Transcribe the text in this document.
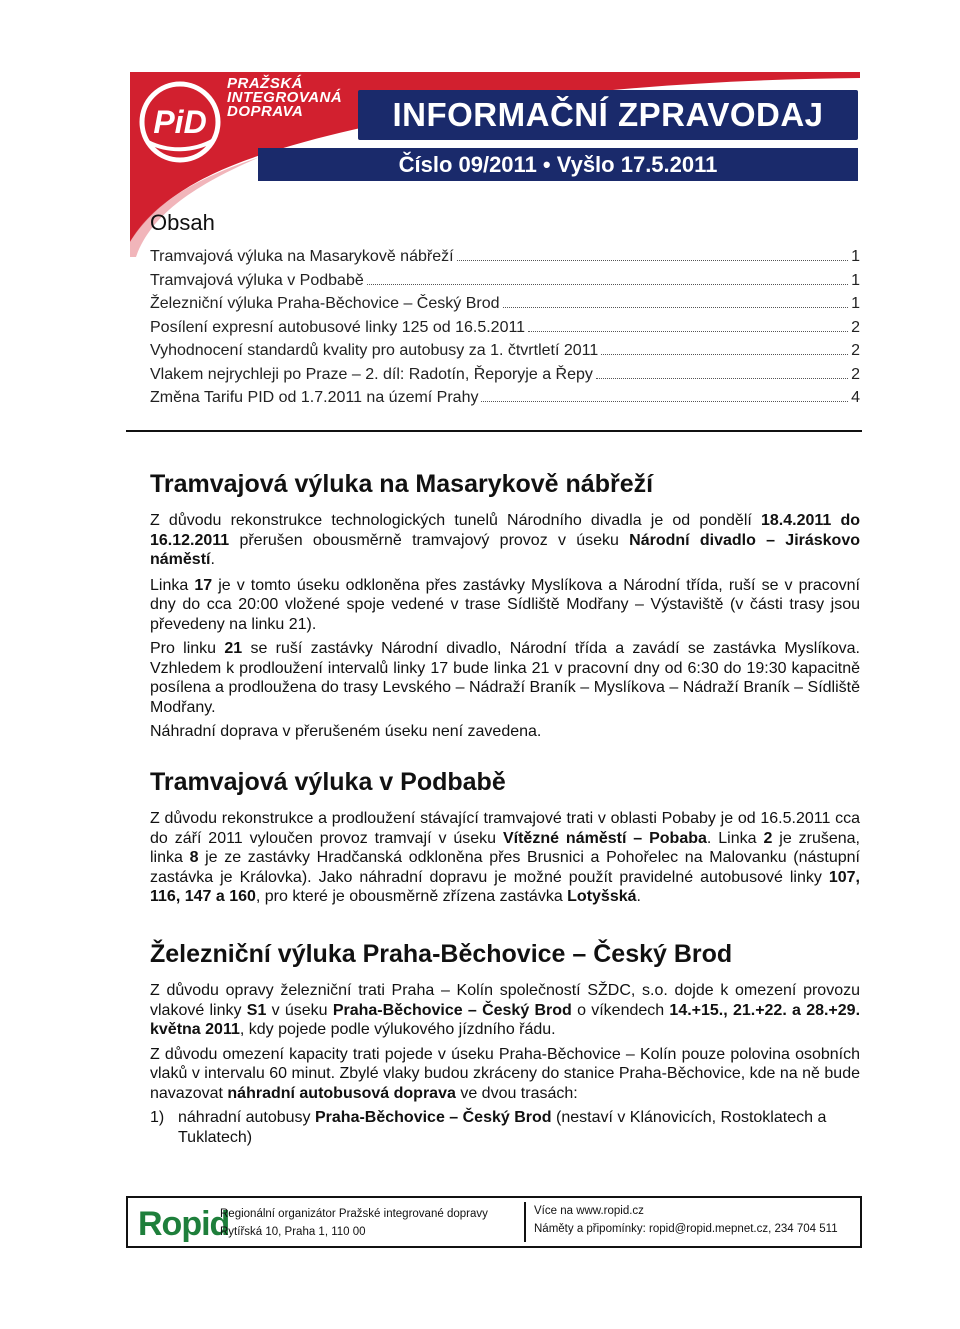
PiD
PRAŽSKÁ
INTEGROVANÁ
DOPRAVA	INFORMAČNÍ ZPRAVODAJ
Číslo 09/2011 • Vyšlo 17.5.2011
Obsah
Tramvajová výluka na Masarykově nábřeží	1
Tramvajová výluka v Podbabě	1
Železniční výluka Praha-Běchovice – Český Brod	1
Posílení expresní autobusové linky 125 od 16.5.2011	2
Vyhodnocení standardů kvality pro autobusy za 1. čtvrtletí 2011	2
Vlakem nejrychleji po Praze – 2. díl: Radotín, Řeporyje a Řepy	2
Změna Tarifu PID od 1.7.2011 na území Prahy	4
Tramvajová výluka na Masarykově nábřeží

Z důvodu rekonstrukce technologických tunelů Národního divadla je od pondělí 18.4.2011 do 16.12.2011 přerušen obousměrně tramvajový provoz v úseku Národní divadlo – Jiráskovo náměstí.

Linka 17 je v tomto úseku odkloněna přes zastávky Myslíkova a Národní třída, ruší se v pracovní dny do cca 20:00 vložené spoje vedené v trase Sídliště Modřany – Výstaviště (v části trasy jsou převedeny na linku 21).

Pro linku 21 se ruší zastávky Národní divadlo, Národní třída a zavádí se zastávka Myslíkova. Vzhledem k prodloužení intervalů linky 17 bude linka 21 v pracovní dny od 6:30 do 19:30 kapacitně posílena a prodloužena do trasy Levského – Nádraží Braník – Myslíkova – Nádraží Braník – Sídliště Modřany.

Náhradní doprava v přerušeném úseku není zavedena.

Tramvajová výluka v Podbabě

Z důvodu rekonstrukce a prodloužení stávající tramvajové trati v oblasti Pobaby je od 16.5.2011 cca do září 2011 vyloučen provoz tramvají v úseku Vítězné náměstí – Pobaba. Linka 2 je zrušena, linka 8 je ze zastávky Hradčanská odkloněna přes Brusnici a Pohořelec na Malovanku (nástupní zastávka je Královka). Jako náhradní dopravu je možné použít pravidelné autobusové linky 107, 116, 147 a 160, pro které je obousměrně zřízena zastávka Lotyšská.

Železniční výluka Praha-Běchovice – Český Brod

Z důvodu opravy železniční trati Praha – Kolín společností SŽDC, s.o. dojde k omezení provozu vlakové linky S1 v úseku Praha-Běchovice – Český Brod o víkendech 14.+15., 21.+22. a 28.+29. května 2011, kdy pojede podle výlukového jízdního řádu.

Z důvodu omezení kapacity trati pojede v úseku Praha-Běchovice – Kolín pouze polovina osobních vlaků v intervalu 60 minut. Zbylé vlaky budou zkráceny do stanice Praha-Běchovice, kde na ně bude navazovat náhradní autobusová doprava ve dvou trasách:

1) náhradní autobusy Praha-Běchovice – Český Brod (nestaví v Klánovicích, Rostoklatech a Tuklatech)
Ropid
Regionální organizátor Pražské integrované dopravy
Rytířská 10, Praha 1, 110 00
Více na www.ropid.cz
Náměty a připomínky: ropid@ropid.mepnet.cz, 234 704 511
